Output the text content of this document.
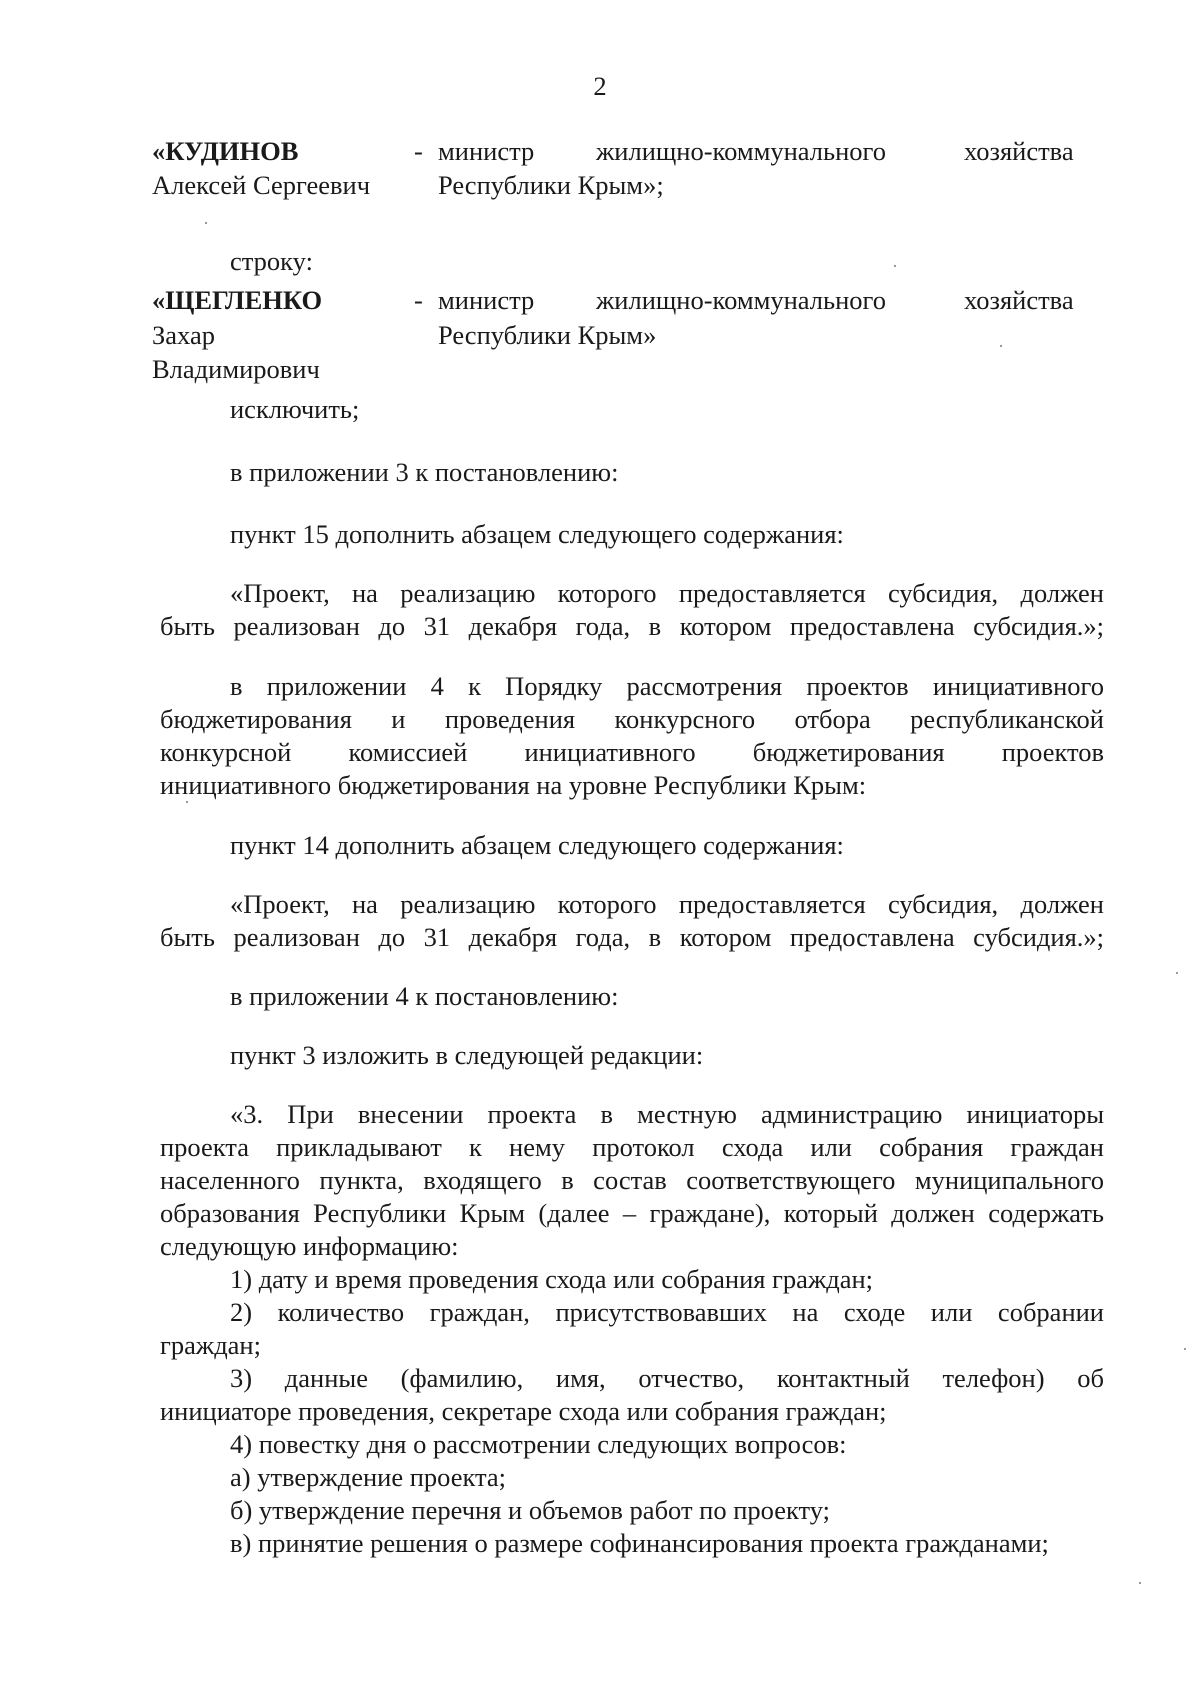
2
«КУДИНОВ
Алексей Сергеевич
- министр жилищно-коммунального	хозяйства
Республики Крым»;
строку:
«ЩЕГЛЕНКО
Захар
Владимирович
- министр жилищно-коммунального	хозяйства
Республики Крым»
исключить;
в приложении 3 к постановлению:
пункт 15 дополнить абзацем следующего содержания:
«Проект, на реализацию которого предоставляется субсидия, должен
быть реализован до 31 декабря года, в котором предоставлена субсидия.»;
в приложении 4 к Порядку рассмотрения проектов инициативного
бюджетирования и проведения конкурсного отбора республиканской
конкурсной комиссией инициативного бюджетирования проектов
инициативного бюджетирования на уровне Республики Крым:
пункт 14 дополнить абзацем следующего содержания:
«Проект, на реализацию которого предоставляется субсидия, должен
быть реализован до 31 декабря года, в котором предоставлена субсидия.»;
в приложении 4 к постановлению:
пункт 3 изложить в следующей редакции:
«3. При внесении проекта в местную администрацию инициаторы
проекта прикладывают к нему протокол схода или собрания граждан
населенного пункта, входящего в состав соответствующего муниципального
образования Республики Крым (далее – граждане), который должен содержать
следующую информацию:
1) дату и время проведения схода или собрания граждан;
2) количество граждан, присутствовавших на сходе или собрании
граждан;
3) данные (фамилию, имя, отчество, контактный телефон) об
инициаторе проведения, секретаре схода или собрания граждан;
4) повестку дня о рассмотрении следующих вопросов:
а) утверждение проекта;
б) утверждение перечня и объемов работ по проекту;
в) принятие решения о размере софинансирования проекта гражданами;
